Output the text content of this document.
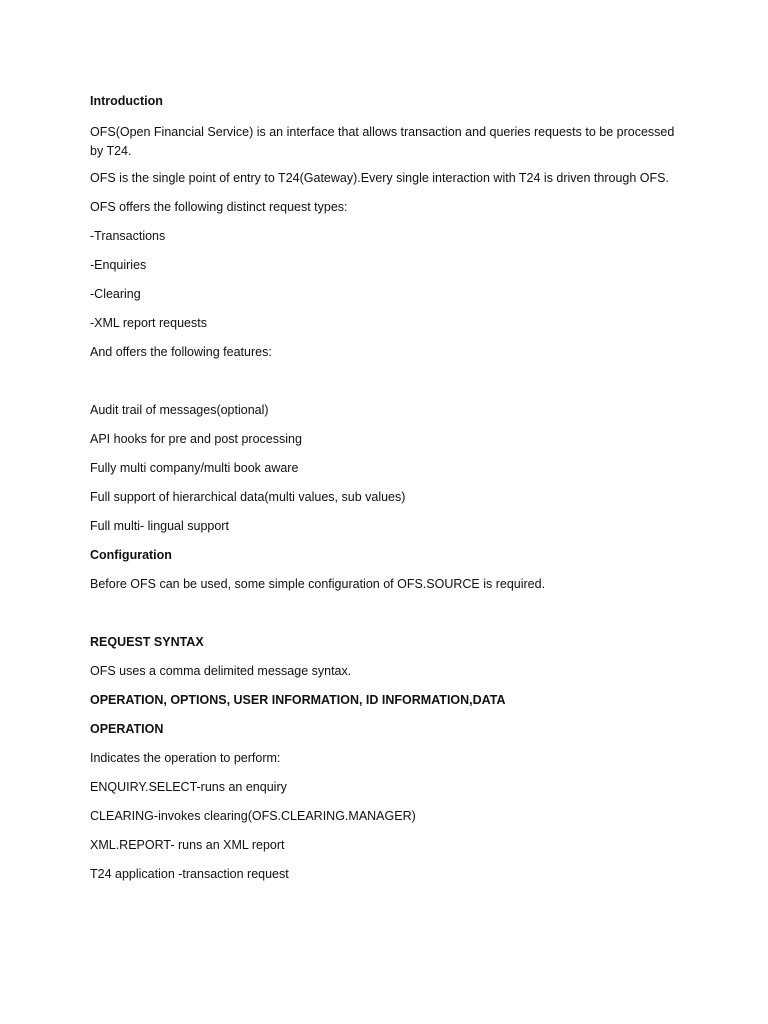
Introduction

OFS(Open Financial Service) is an interface that allows transaction and queries requests to be processed by T24.

OFS is the single point of entry to T24(Gateway).Every single interaction with T24 is driven through OFS.

OFS offers the following distinct request types:

-Transactions

-Enquiries

-Clearing

-XML report requests

And offers the following features:

Audit trail of messages(optional)

API hooks for pre and post processing

Fully multi company/multi book aware

Full support of hierarchical data(multi values, sub values)

Full multi- lingual support

Configuration

Before OFS can be used, some simple configuration of OFS.SOURCE is required.

REQUEST SYNTAX

OFS uses a comma delimited message syntax.

OPERATION, OPTIONS, USER INFORMATION, ID INFORMATION,DATA

OPERATION

Indicates the operation to perform:

ENQUIRY.SELECT-runs an enquiry

CLEARING-invokes clearing(OFS.CLEARING.MANAGER)

XML.REPORT- runs an XML report

T24 application -transaction request
